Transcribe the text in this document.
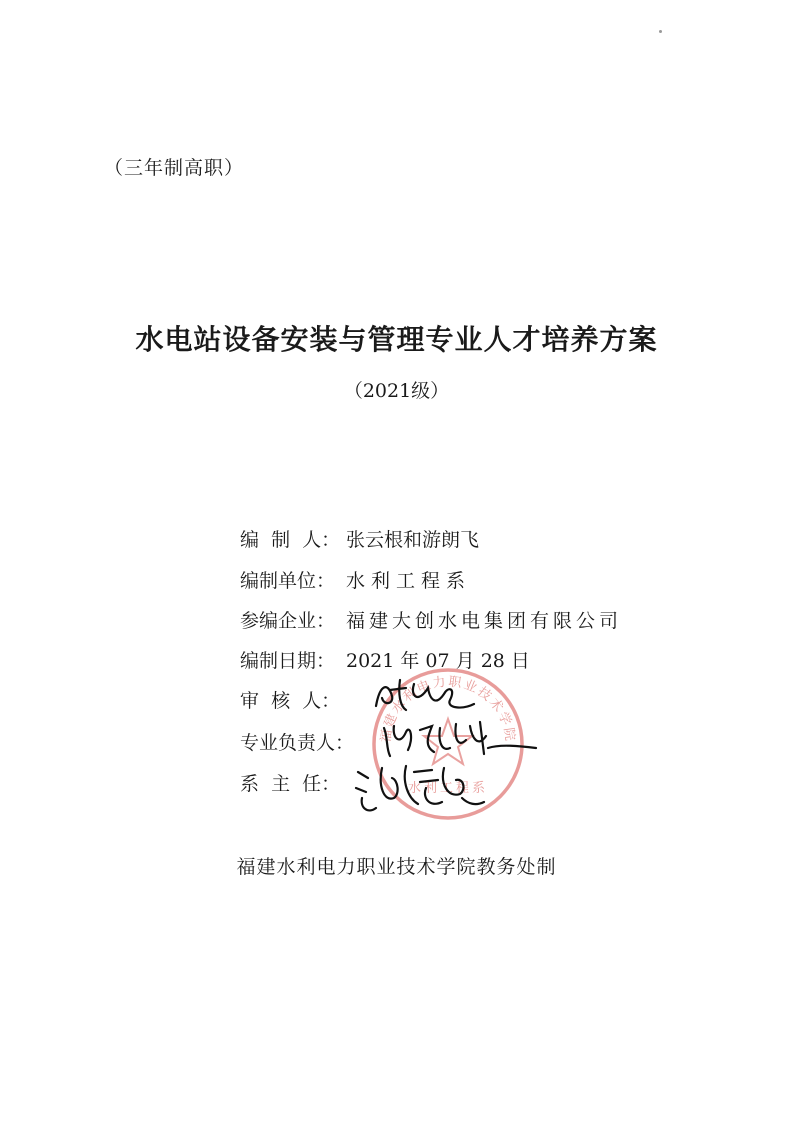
（三年制高职）
水电站设备安装与管理专业人才培养方案
（2021级）
编  制  人： 张云根和游朗飞
编制单位： 水利工程系
参编企业： 福建大创水电集团有限公司
编制日期： 2021 年 07 月 28 日
审  核  人：
专业负责人：
系  主  任：
福建水利电力职业技术学院
水利工程系
福建水利电力职业技术学院教务处制
